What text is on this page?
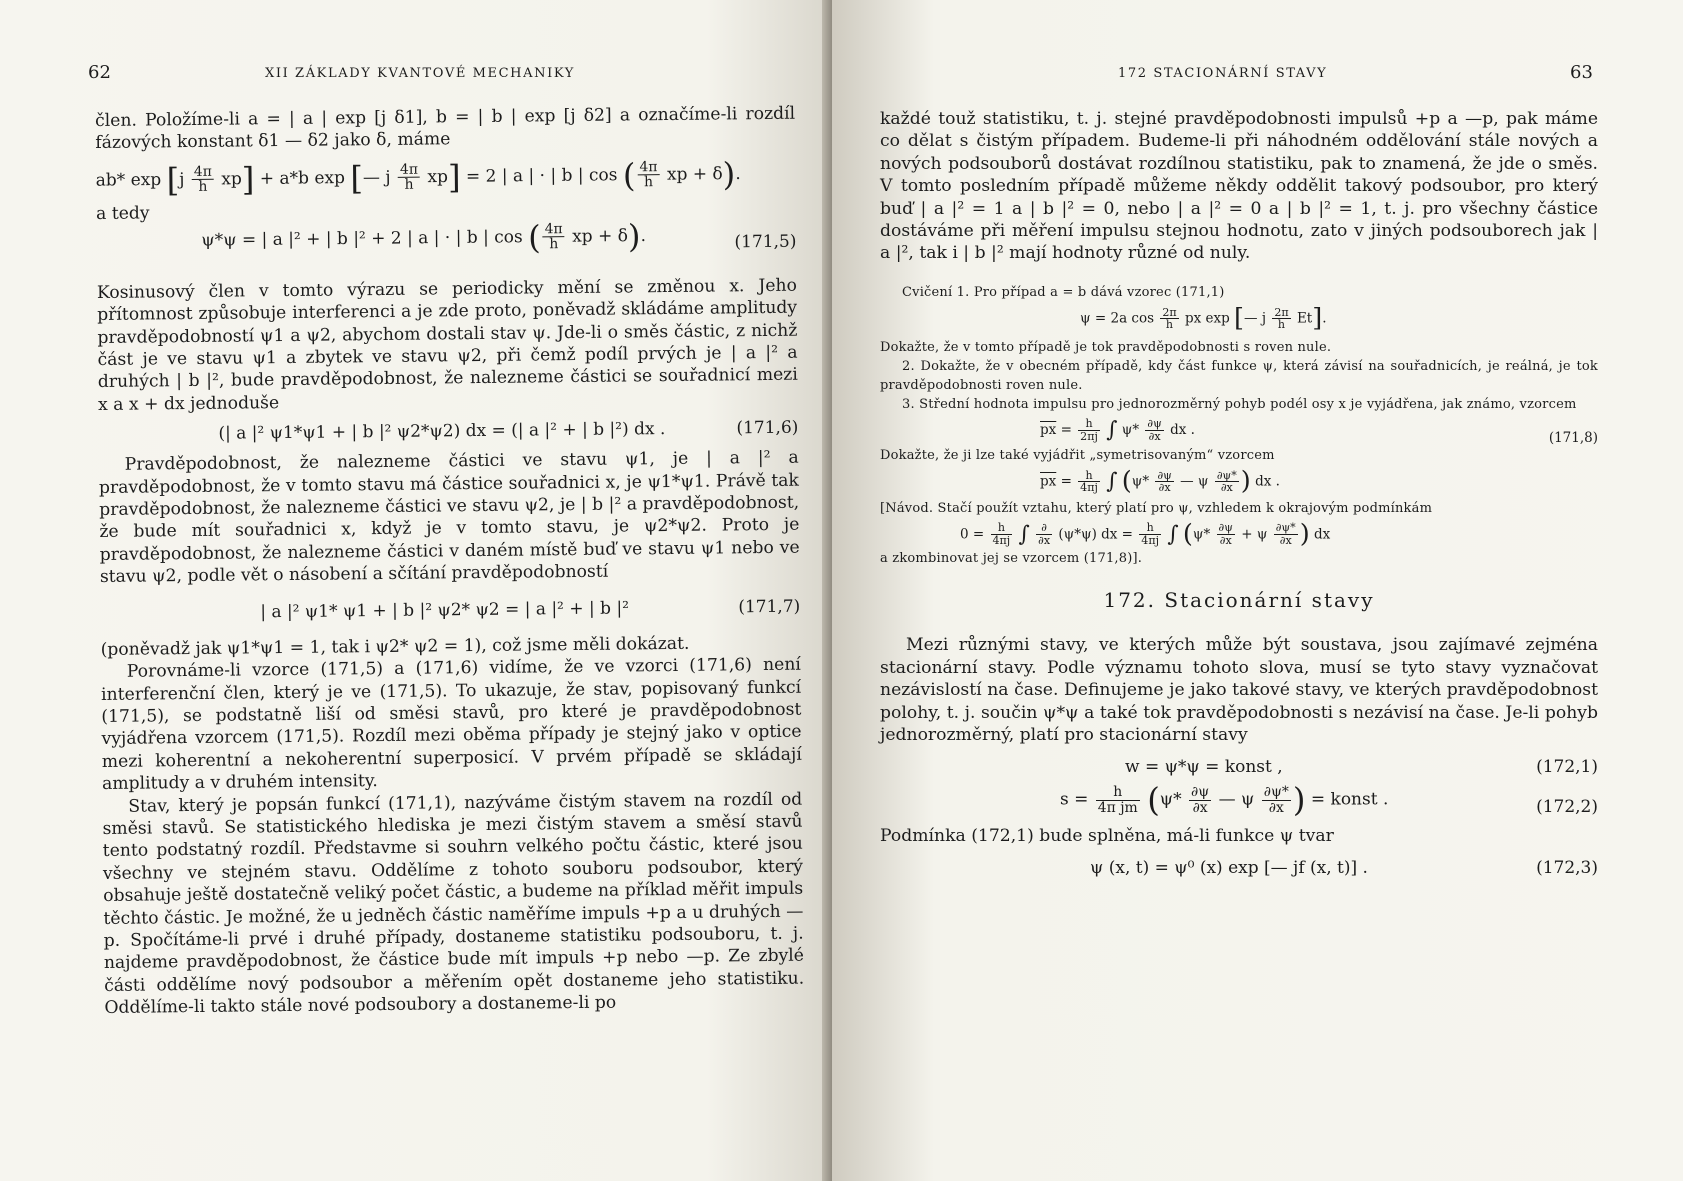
62	XII ZÁKLADY KVANTOVÉ MECHANIKY

člen. Položíme-li a = | a | exp [j δ1], b = | b | exp [j δ2] a označíme-li rozdíl fázových konstant δ1 — δ2 jako δ, máme

ab* $\exp [j \frac{4\pi}{h} xp] + a*b$ exp [— j $\frac{4\pi}{h} xp] = 2$ | a | · | b | cos ( $\frac{4\pi}{h}$ xp + δ).

a tedy

ψ*ψ = | a |² + | b |² + 2 | a | · | b | cos ( $\frac{4\pi}{h}$ xp + δ).	(171,5)

Kosinusový člen v tomto výrazu se periodicky mění se změnou x. Jeho přítomnost způsobuje interferenci a je zde proto, poněvadž skládáme amplitudy pravděpodobností ψ1 a ψ2, abychom dostali stav ψ. Jde-li o směs částic, z nichž část je ve stavu ψ1 a zbytek ve stavu ψ2, při čemž podíl prvých je | a |² a druhých | b |², bude pravděpodobnost, že nalezneme částici se souřadnicí mezi x a x + dx jednoduše

(| a |² ψ1*ψ1 + | b |² ψ2*ψ2) dx = (| a |² + | b |²) dx .	(171,6)

Pravděpodobnost, že nalezneme částici ve stavu ψ1, je | a |² a pravděpodobnost, že v tomto stavu má částice souřadnici x, je ψ1*ψ1. Právě tak pravděpodobnost, že nalezneme částici ve stavu ψ2, je | b |² a pravděpodobnost, že bude mít souřadnici x, když je v tomto stavu, je ψ2*ψ2. Proto je pravděpodobnost, že nalezneme částici v daném místě buď ve stavu ψ1 nebo ve stavu ψ2, podle vět o násobení a sčítání pravděpodobností

| a |² ψ1* ψ1 + | b |² ψ2* ψ2 = | a |² + | b |²	(171,7)

(poněvadž jak ψ1*ψ1 = 1, tak i ψ2* ψ2 = 1), což jsme měli dokázat.

Porovnáme-li vzorce (171,5) a (171,6) vidíme, že ve vzorci (171,6) není interferenční člen, který je ve (171,5). To ukazuje, že stav, popisovaný funkcí (171,5), se podstatně liší od směsi stavů, pro které je pravděpodobnost vyjádřena vzorcem (171,5). Rozdíl mezi oběma případy je stejný jako v optice mezi koherentní a nekoherentní superposicí. V prvém případě se skládají amplitudy a v druhém intensity.

Stav, který je popsán funkcí (171,1), nazýváme čistým stavem na rozdíl od směsi stavů. Se statistického hlediska je mezi čistým stavem a směsí stavů tento podstatný rozdíl. Představme si souhrn velkého počtu částic, které jsou všechny ve stejném stavu. Oddělíme z tohoto souboru podsoubor, který obsahuje ještě dostatečně veliký počet částic, a budeme na příklad měřit impuls těchto částic. Je možné, že u jedněch částic naměříme impuls +p a u druhých — p. Spočítáme-li prvé i druhé případy, dostaneme statistiku podsouboru, t. j. najdeme pravděpodobnost, že částice bude mít impuls +p nebo —p. Ze zbylé části oddělíme nový podsoubor a měřením opět dostaneme jeho statistiku. Oddělíme-li takto stále nové podsoubory a dostaneme-li po

172 STACIONÁRNÍ STAVY	63

každé touž statistiku, t. j. stejné pravděpodobnosti impulsů +p a —p, pak máme co dělat s čistým případem. Budeme-li při náhodném oddělování stále nových a nových podsouborů dostávat rozdílnou statistiku, pak to znamená, že jde o směs. V tomto posledním případě můžeme někdy oddělit takový podsoubor, pro který buď | a |² = 1 a | b |² = 0, nebo | a |² = 0 a | b |² = 1, t. j. pro všechny částice dostáváme při měření impulsu stejnou hodnotu, zato v jiných podsouborech jak | a |², tak i | b |² mají hodnoty různé od nuly.

Cvičení 1. Pro případ a = b dává vzorec (171,1)

ψ = 2a $\cos \frac{2\pi}{h}$ px exp [— j $\frac{2\pi}{h} Et$].

Dokažte, že v tomto případě je tok pravděpodobnosti s roven nule.

2. Dokažte, že v obecném případě, kdy část funkce ψ, která závisí na souřadnicích, je reálná, je tok pravděpodobnosti roven nule.

3. Střední hodnota impulsu pro jednorozměrný pohyb podél osy x je vyjádřena, jak známo, vzorcem

$\overline{px} = \frac{h}{2\pi j}$ ∫ $\psi* \frac{\partial\psi}{\partial x}$ dx .	(171,8)

Dokažte, že ji lze také vyjádřit „symetrisovaným“ vzorcem

$\overline{px} = \frac{h}{4\pi j}$ ∫ ($\psi* \frac{\partial\psi}{\partial x}$ — ψ $\frac{\partial\psi*}{\partial x}$ ) dx .

[Návod. Stačí použít vztahu, který platí pro ψ, vzhledem k okrajovým podmínkám

$0 = \frac{h}{4\pi j}$ ∫ $\frac{\partial}{\partial x} (\psi*\psi)$ dx = $\frac{h}{4\pi j}$ ∫ ($\psi* \frac{\partial\psi}{\partial x} + \psi \frac{\partial\psi*}{\partial x}$ ) dx

a zkombinovat jej se vzorcem (171,8)].

172. Stacionární stavy

Mezi různými stavy, ve kterých může být soustava, jsou zajímavé zejména stacionární stavy. Podle významu tohoto slova, musí se tyto stavy vyznačovat nezávislostí na čase. Definujeme je jako takové stavy, ve kterých pravděpodobnost polohy, t. j. součin ψ*ψ a také tok pravděpodobnosti s nezávisí na čase. Je-li pohyb jednorozměrný, platí pro stacionární stavy

w = ψ*ψ = konst ,	(172,1)
$s = \frac{h}{\text{4π jm}} (\psi* \frac{\partial\psi}{\partial x}$ — ψ $\frac{\partial\psi*}{\partial x}$ ) = konst .	(172,2)

Podmínka (172,1) bude splněna, má-li funkce ψ tvar

ψ (x, t) = ψ⁰ (x) exp [— jf (x, t)] .	(172,3)
